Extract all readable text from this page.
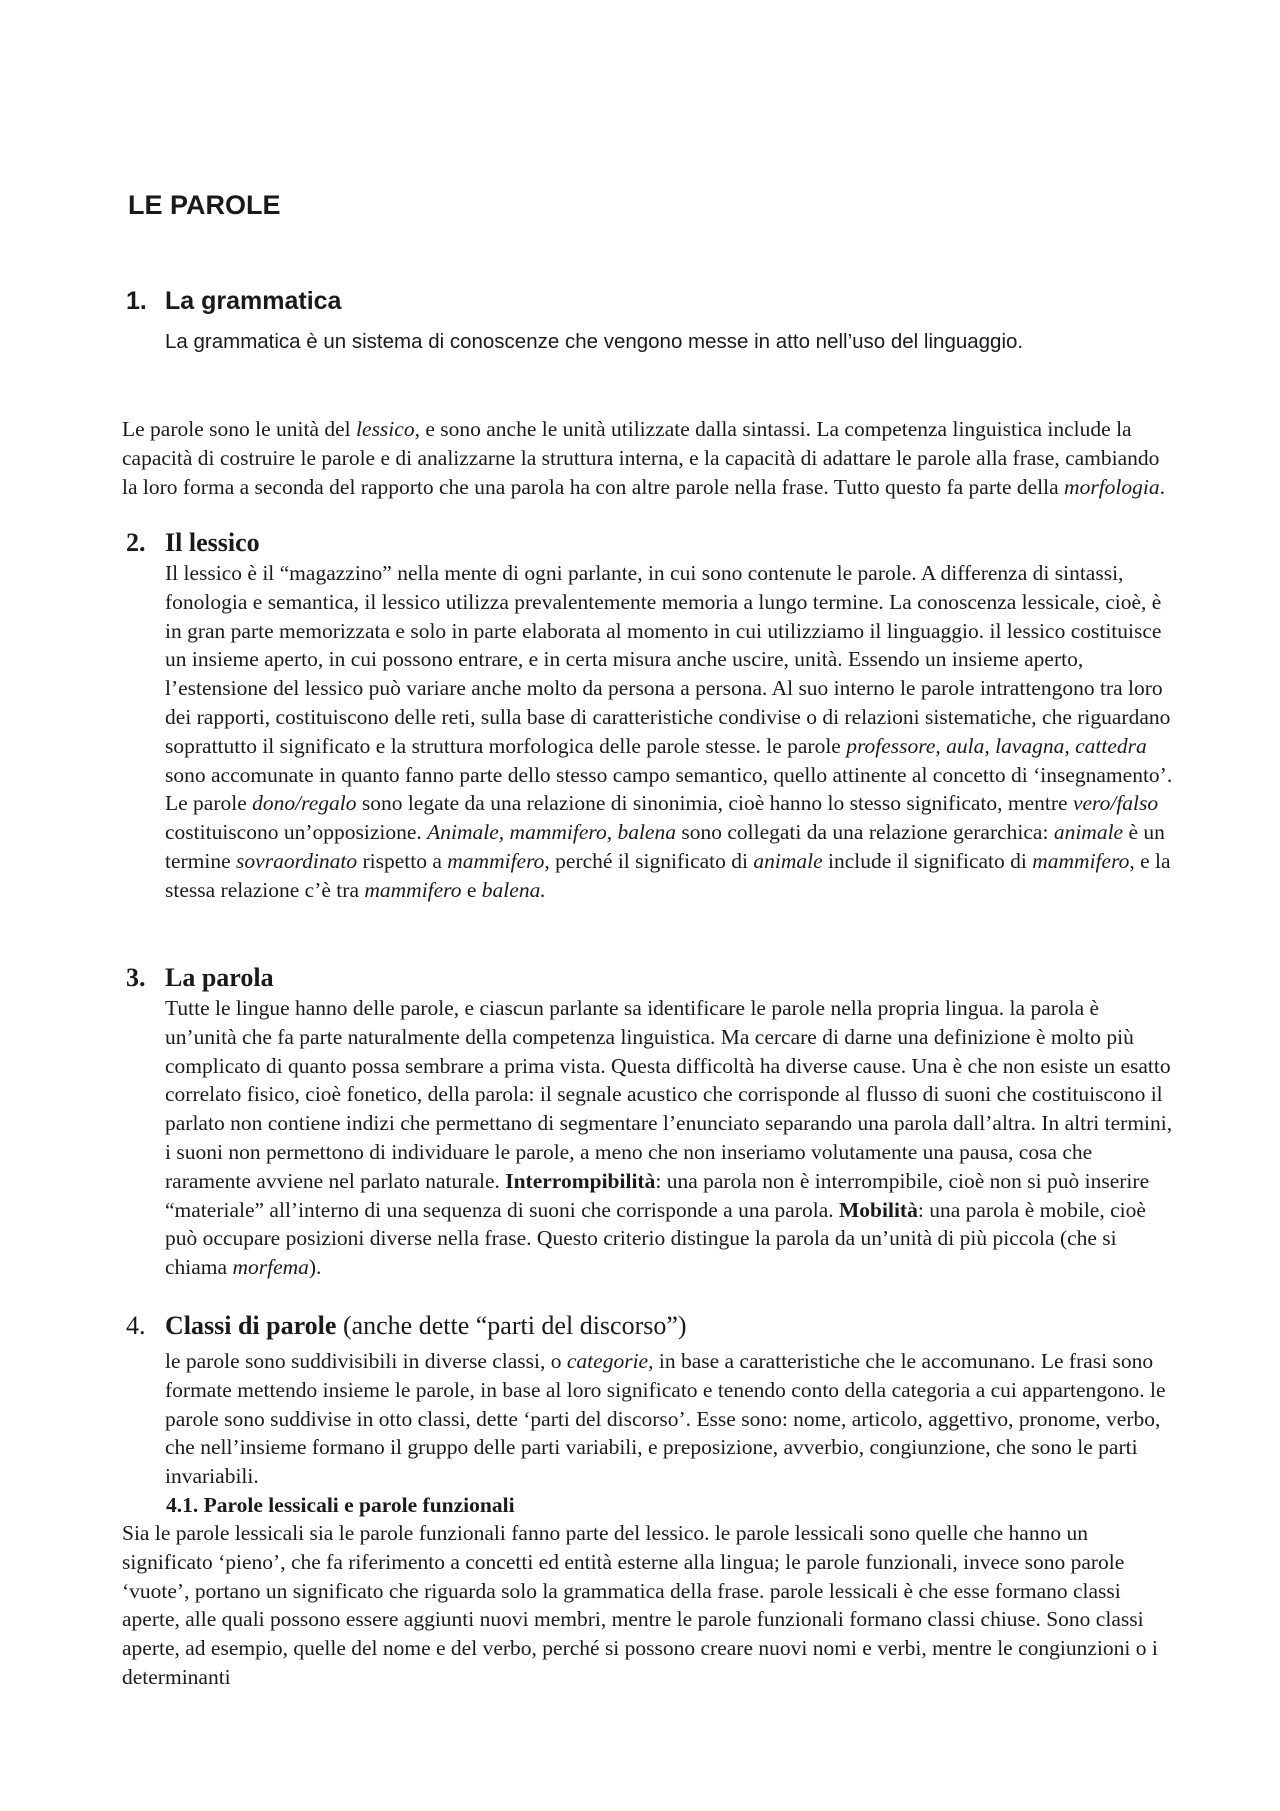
LE PAROLE
1. La grammatica

La grammatica è un sistema di conoscenze che vengono messe in atto nell’uso del linguaggio.

Le parole sono le unità del lessico, e sono anche le unità utilizzate dalla sintassi. La competenza linguistica include la capacità di costruire le parole e di analizzarne la struttura interna, e la capacità di adattare le parole alla frase, cambiando la loro forma a seconda del rapporto che una parola ha con altre parole nella frase. Tutto questo fa parte della morfologia.

2. Il lessico

Il lessico è il “magazzino” nella mente di ogni parlante, in cui sono contenute le parole. A differenza di sintassi, fonologia e semantica, il lessico utilizza prevalentemente memoria a lungo termine. La conoscenza lessicale, cioè, è in gran parte memorizzata e solo in parte elaborata al momento in cui utilizziamo il linguaggio. il lessico costituisce un insieme aperto, in cui possono entrare, e in certa misura anche uscire, unità. Essendo un insieme aperto, l’estensione del lessico può variare anche molto da persona a persona. Al suo interno le parole intrattengono tra loro dei rapporti, costituiscono delle reti, sulla base di caratteristiche condivise o di relazioni sistematiche, che riguardano soprattutto il significato e la struttura morfologica delle parole stesse. le parole professore, aula, lavagna, cattedra sono accomunate in quanto fanno parte dello stesso campo semantico, quello attinente al concetto di ‘insegnamento’. Le parole dono/regalo sono legate da una relazione di sinonimia, cioè hanno lo stesso significato, mentre vero/falso costituiscono un’opposizione. Animale, mammifero, balena sono collegati da una relazione gerarchica: animale è un termine sovraordinato rispetto a mammifero, perché il significato di animale include il significato di mammifero, e la stessa relazione c’è tra mammifero e balena.

3. La parola

Tutte le lingue hanno delle parole, e ciascun parlante sa identificare le parole nella propria lingua. la parola è un’unità che fa parte naturalmente della competenza linguistica. Ma cercare di darne una definizione è molto più complicato di quanto possa sembrare a prima vista. Questa difficoltà ha diverse cause. Una è che non esiste un esatto correlato fisico, cioè fonetico, della parola: il segnale acustico che corrisponde al flusso di suoni che costituiscono il parlato non contiene indizi che permettano di segmentare l’enunciato separando una parola dall’altra. In altri termini, i suoni non permettono di individuare le parole, a meno che non inseriamo volutamente una pausa, cosa che raramente avviene nel parlato naturale. Interrompibilità: una parola non è interrompibile, cioè non si può inserire “materiale” all’interno di una sequenza di suoni che corrisponde a una parola. Mobilità: una parola è mobile, cioè può occupare posizioni diverse nella frase. Questo criterio distingue la parola da un’unità di più piccola (che si chiama morfema).

4. Classi di parole (anche dette “parti del discorso”)

le parole sono suddivisibili in diverse classi, o categorie, in base a caratteristiche che le accomunano. Le frasi sono formate mettendo insieme le parole, in base al loro significato e tenendo conto della categoria a cui appartengono. le parole sono suddivise in otto classi, dette ‘parti del discorso’. Esse sono: nome, articolo, aggettivo, pronome, verbo, che nell’insieme formano il gruppo delle parti variabili, e preposizione, avverbio, congiunzione, che sono le parti invariabili.

4.1. Parole lessicali e parole funzionali

Sia le parole lessicali sia le parole funzionali fanno parte del lessico. le parole lessicali sono quelle che hanno un significato ‘pieno’, che fa riferimento a concetti ed entità esterne alla lingua; le parole funzionali, invece sono parole ‘vuote’, portano un significato che riguarda solo la grammatica della frase. parole lessicali è che esse formano classi aperte, alle quali possono essere aggiunti nuovi membri, mentre le parole funzionali formano classi chiuse. Sono classi aperte, ad esempio, quelle del nome e del verbo, perché si possono creare nuovi nomi e verbi, mentre le congiunzioni o i determinanti
